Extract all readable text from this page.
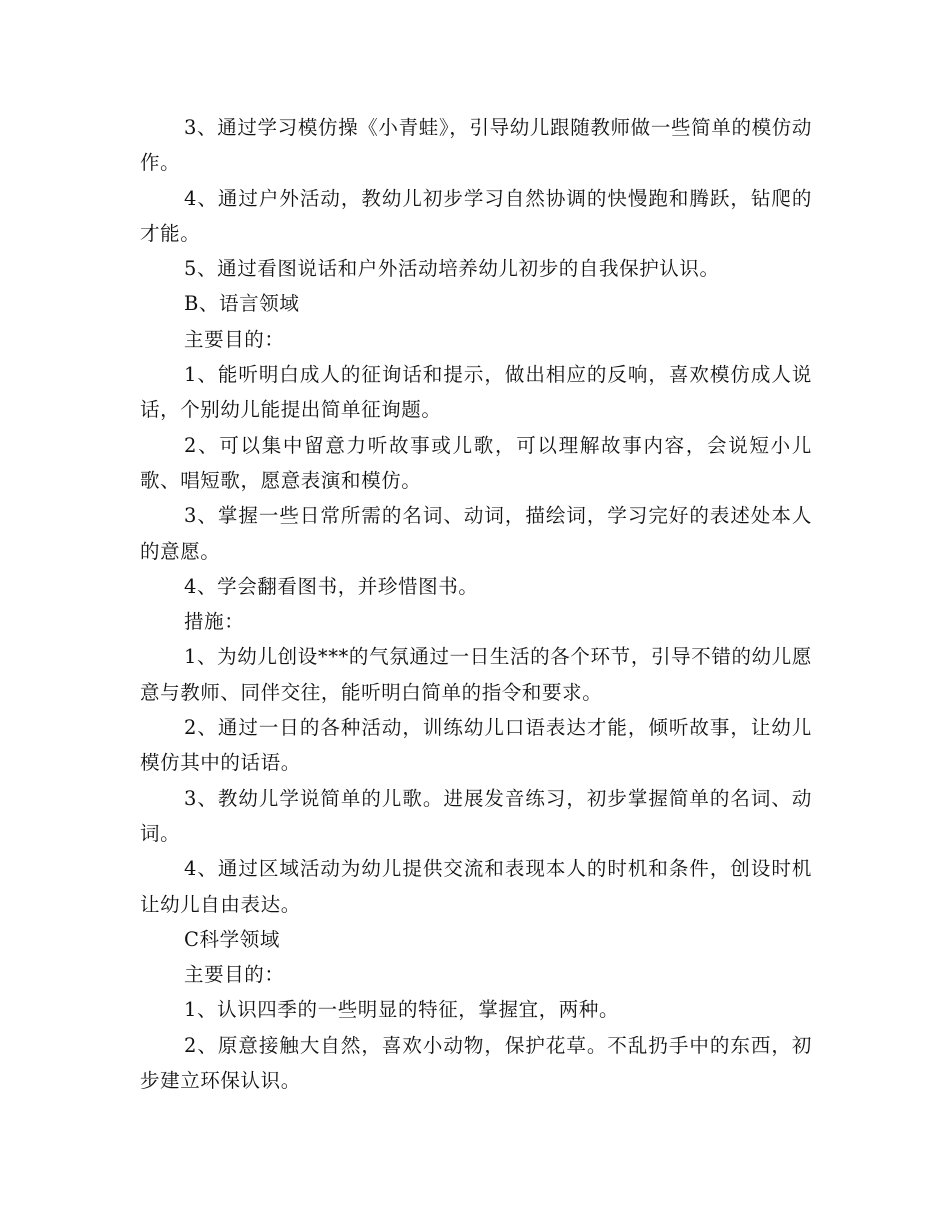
3、通过学习模仿操《小青蛙》，引导幼儿跟随教师做一些简单的模仿动作。

4、通过户外活动，教幼儿初步学习自然协调的快慢跑和腾跃，钻爬的才能。

5、通过看图说话和户外活动培养幼儿初步的自我保护认识。

B、语言领域

主要目的：

1、能听明白成人的征询话和提示，做出相应的反响，喜欢模仿成人说话，个别幼儿能提出简单征询题。

2、可以集中留意力听故事或儿歌，可以理解故事内容，会说短小儿歌、唱短歌，愿意表演和模仿。

3、掌握一些日常所需的名词、动词，描绘词，学习完好的表述处本人的意愿。

4、学会翻看图书，并珍惜图书。

措施：

1、为幼儿创设***的气氛通过一日生活的各个环节，引导不错的幼儿愿意与教师、同伴交往，能听明白简单的指令和要求。

2、通过一日的各种活动，训练幼儿口语表达才能，倾听故事，让幼儿模仿其中的话语。

3、教幼儿学说简单的儿歌。进展发音练习，初步掌握简单的名词、动词。

4、通过区域活动为幼儿提供交流和表现本人的时机和条件，创设时机让幼儿自由表达。

C科学领域

主要目的：

1、认识四季的一些明显的特征，掌握宜，两种。

2、原意接触大自然，喜欢小动物，保护花草。不乱扔手中的东西，初步建立环保认识。
